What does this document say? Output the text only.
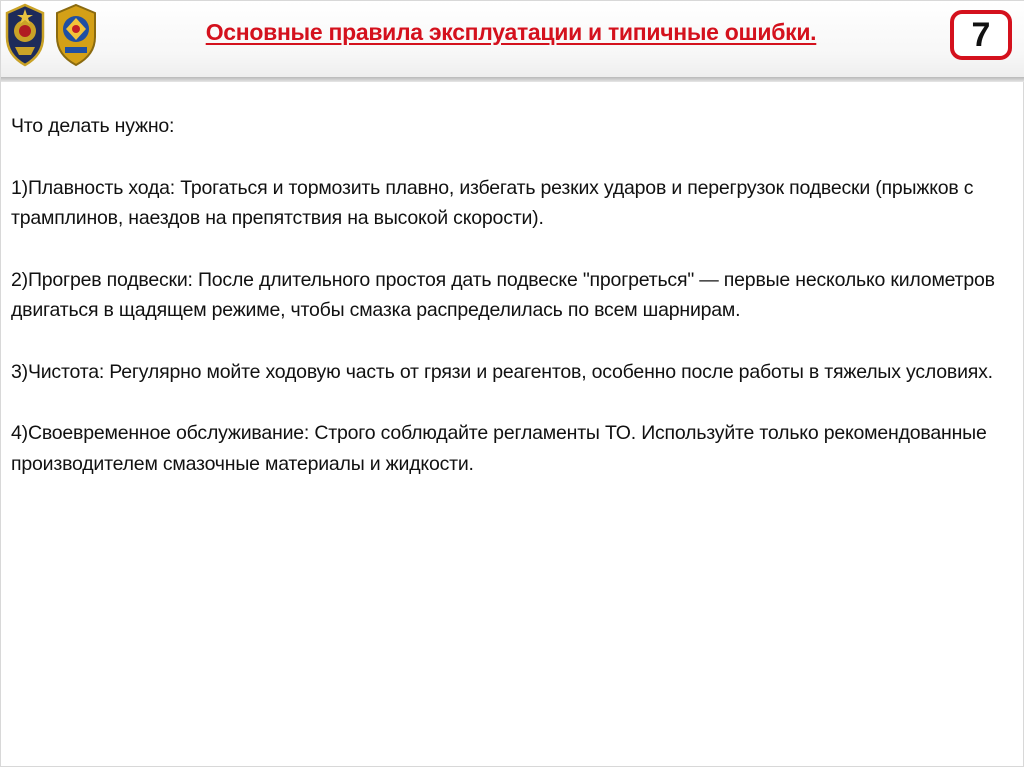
Основные правила эксплуатации и типичные ошибки.	7

Что делать нужно:

1)Плавность хода: Трогаться и тормозить плавно, избегать резких ударов и перегрузок подвески (прыжков с трамплинов, наездов на препятствия на высокой скорости).

2)Прогрев подвески: После длительного простоя дать подвеске "прогреться" — первые несколько километров двигаться в щадящем режиме, чтобы смазка распределилась по всем шарнирам.

3)Чистота: Регулярно мойте ходовую часть от грязи и реагентов, особенно после работы в тяжелых условиях.

4)Своевременное обслуживание: Строго соблюдайте регламенты ТО. Используйте только рекомендованные производителем смазочные материалы и жидкости.
